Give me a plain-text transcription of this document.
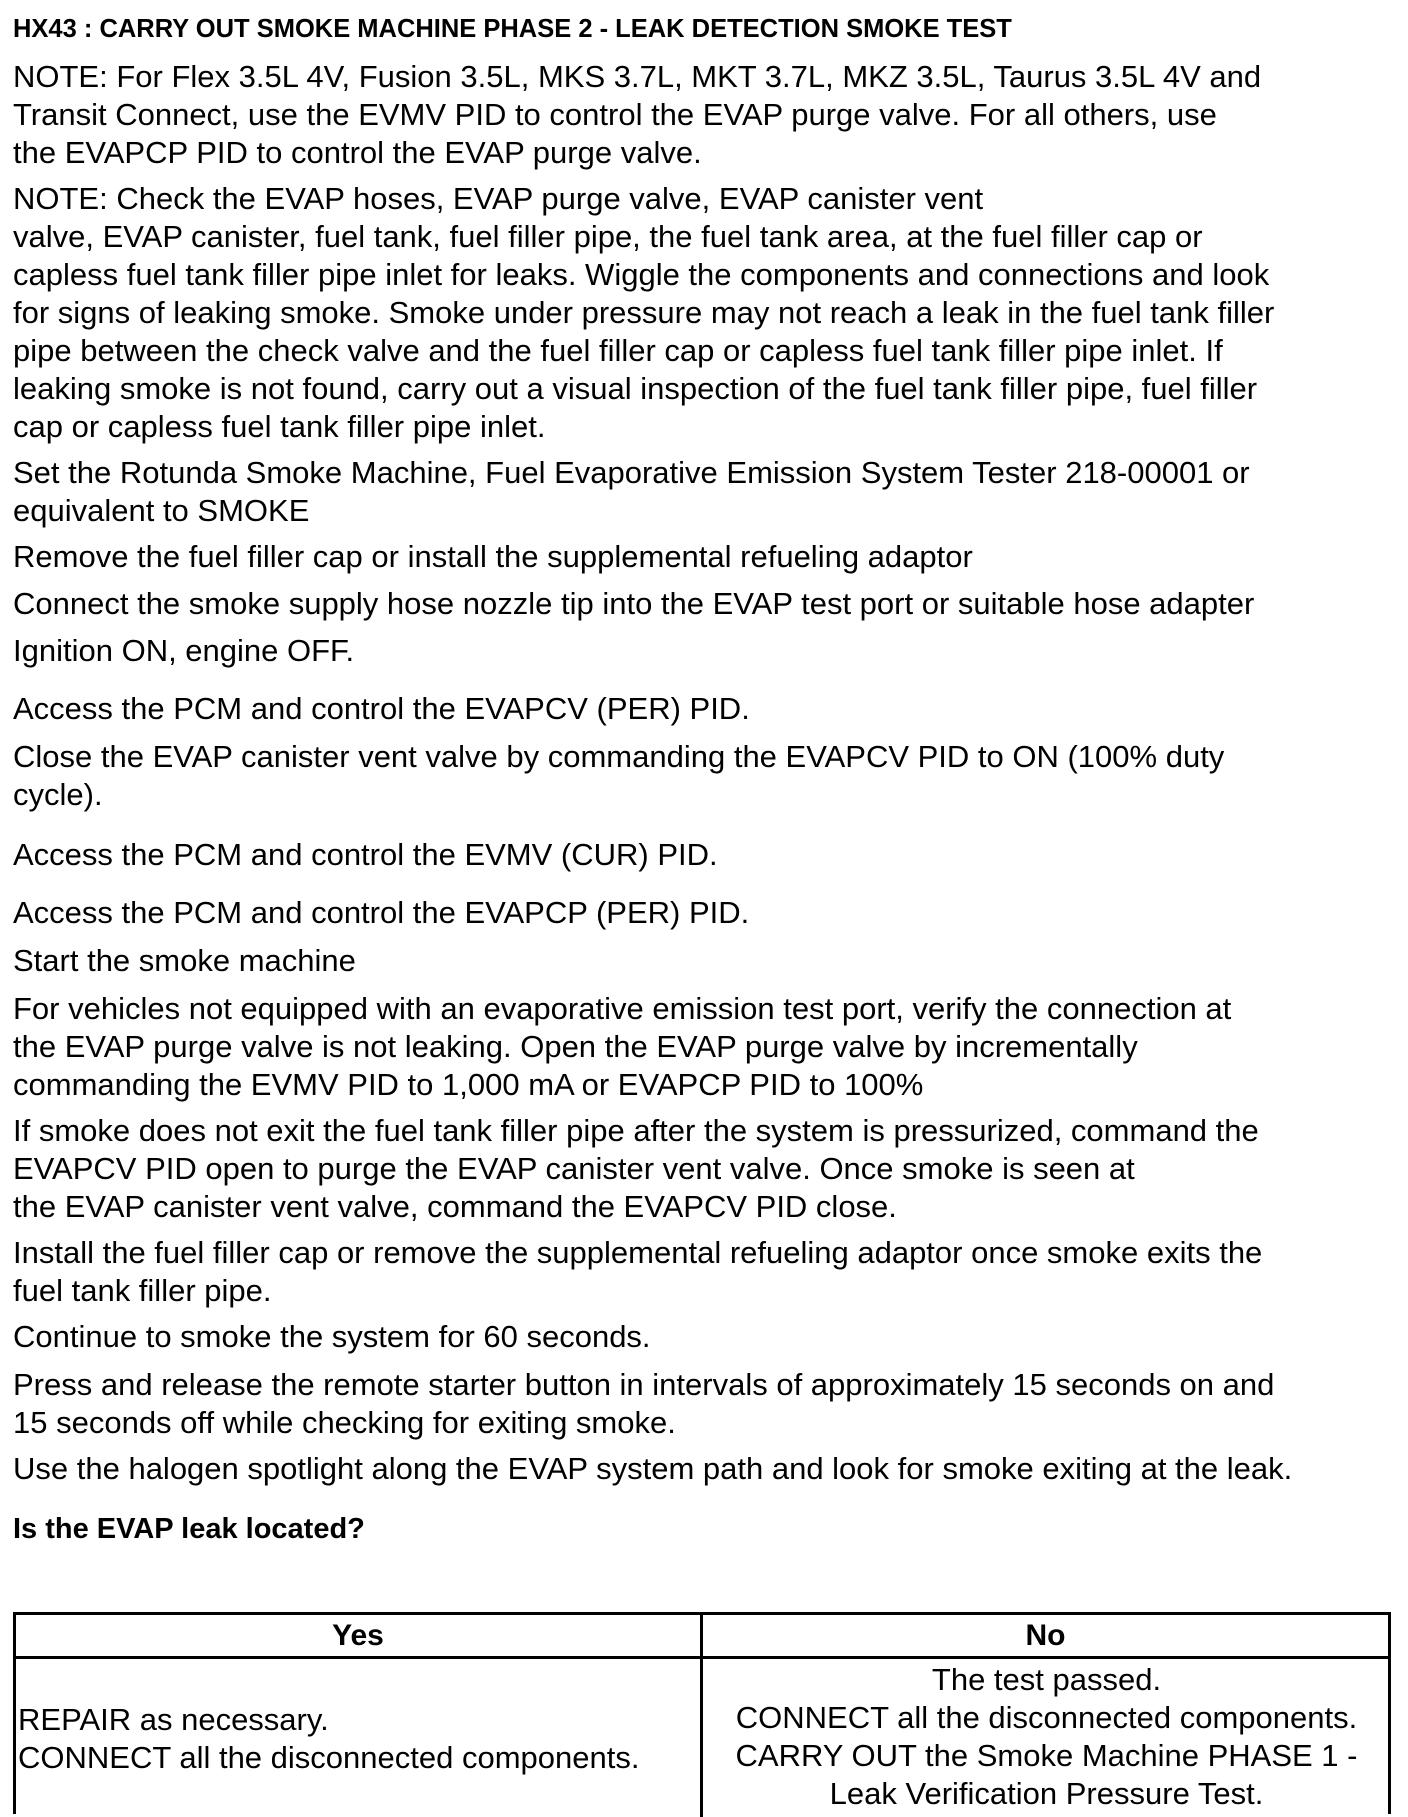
HX43 : CARRY OUT SMOKE MACHINE PHASE 2 - LEAK DETECTION SMOKE TEST
NOTE: For Flex 3.5L 4V, Fusion 3.5L, MKS 3.7L, MKT 3.7L, MKZ 3.5L, Taurus 3.5L 4V and
Transit Connect, use the EVMV PID to control the EVAP purge valve. For all others, use
the EVAPCP PID to control the EVAP purge valve.
NOTE: Check the EVAP hoses, EVAP purge valve, EVAP canister vent
valve, EVAP canister, fuel tank, fuel filler pipe, the fuel tank area, at the fuel filler cap or
capless fuel tank filler pipe inlet for leaks. Wiggle the components and connections and look
for signs of leaking smoke. Smoke under pressure may not reach a leak in the fuel tank filler
pipe between the check valve and the fuel filler cap or capless fuel tank filler pipe inlet. If
leaking smoke is not found, carry out a visual inspection of the fuel tank filler pipe, fuel filler
cap or capless fuel tank filler pipe inlet.
Set the Rotunda Smoke Machine, Fuel Evaporative Emission System Tester 218-00001 or
equivalent to SMOKE
Remove the fuel filler cap or install the supplemental refueling adaptor
Connect the smoke supply hose nozzle tip into the EVAP test port or suitable hose adapter
Ignition ON, engine OFF.
Access the PCM and control the EVAPCV (PER) PID.
Close the EVAP canister vent valve by commanding the EVAPCV PID to ON (100% duty
cycle).
Access the PCM and control the EVMV (CUR) PID.
Access the PCM and control the EVAPCP (PER) PID.
Start the smoke machine
For vehicles not equipped with an evaporative emission test port, verify the connection at
the EVAP purge valve is not leaking. Open the EVAP purge valve by incrementally
commanding the EVMV PID to 1,000 mA or EVAPCP PID to 100%
If smoke does not exit the fuel tank filler pipe after the system is pressurized, command the
EVAPCV PID open to purge the EVAP canister vent valve. Once smoke is seen at
the EVAP canister vent valve, command the EVAPCV PID close.
Install the fuel filler cap or remove the supplemental refueling adaptor once smoke exits the
fuel tank filler pipe.
Continue to smoke the system for 60 seconds.
Press and release the remote starter button in intervals of approximately 15 seconds on and
15 seconds off while checking for exiting smoke.
Use the halogen spotlight along the EVAP system path and look for smoke exiting at the leak.
Is the EVAP leak located?
Yes	No
REPAIR as necessary.
CONNECT all the disconnected components.
The test passed.
CONNECT all the disconnected components.
CARRY OUT the Smoke Machine PHASE 1 -
Leak Verification Pressure Test.
